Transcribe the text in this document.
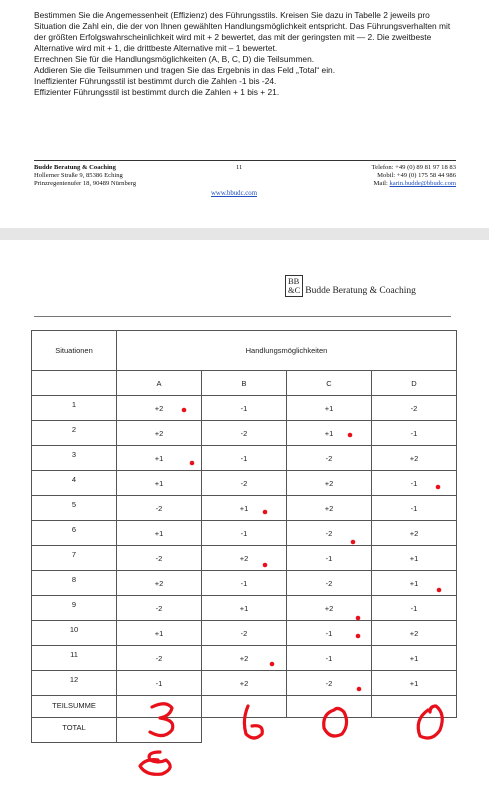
Bestimmen Sie die Angemessenheit (Effizienz) des Führungsstils. Kreisen Sie dazu in Tabelle 2 jeweils pro Situation die Zahl ein, die der von Ihnen gewählten Handlungsmöglichkeit entspricht. Das Führungsverhalten mit der größten Erfolgswahrscheinlichkeit wird mit + 2 bewertet, das mit der geringsten mit — 2. Die zweitbeste Alternative wird mit + 1, die drittbeste Alternative mit – 1 bewertet.

Errechnen Sie für die Handlungsmöglichkeiten (A, B, C, D) die Teilsummen.

Addieren Sie die Teilsummen und tragen Sie das Ergebnis in das Feld „Total“ ein.

Ineffizienter Führungsstil ist bestimmt durch die Zahlen -1 bis -24.

Effizienter Führungsstil ist bestimmt durch die Zahlen + 1 bis + 21.

Budde Beratung & Coaching
Hollerner Straße 9, 85386 Eching
Prinzregentenufer 18, 90489 Nürnberg
11	Telefon: +49 (0) 89 81 97 18 83
Mobil: +49 (0) 175 58 44 986
Mail: karin.budde@bbudc.com
www.bbudc.com
BB
&C Budde Beratung & Coaching
Situationen	Handlungsmöglichkeiten			
	A	B	C	D
1	+2	-1	+1	-2
2	+2	-2	+1	-1
3	+1	-1	-2	+2
4	+1	-2	+2	-1
5	-2	+1	+2	-1
6	+1	-1	-2	+2
7	-2	+2	-1	+1
8	+2	-1	-2	+1
9	-2	+1	+2	-1
10	+1	-2	-1	+2
11	-2	+2	-1	+1
12	-1	+2	-2	+1
TEILSUMME				
TOTAL				
